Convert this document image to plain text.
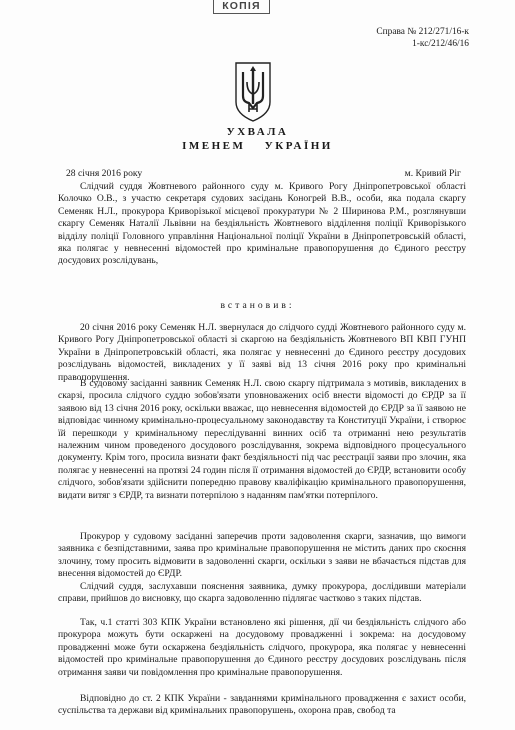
КОПІЯ
Справа № 212/271/16-к
1-кс/212/46/16
УХВАЛА
ІМЕНЕМ УКРАЇНИ
28 січня 2016 року	м. Кривий Ріг
Слідчий суддя Жовтневого районного суду м. Кривого Рогу Дніпропетровської області Колочко О.В., з участю секретаря судових засідань Коногрей В.В., особи, яка подала скаргу Семеняк Н.Л., прокурора Криворізької місцевої прокуратури № 2 Ширинова Р.М., розглянувши скаргу Семеняк Наталії Львівни на бездіяльність Жовтневого відділення поліції Криворізького відділу поліції Головного управління Національної поліції України в Дніпропетровській області, яка полягає у невнесенні відомостей про кримінальне правопорушення до Єдиного реєстру досудових розслідувань,
встановив:
20 січня 2016 року Семеняк Н.Л. звернулася до слідчого судді Жовтневого районного суду м. Кривого Рогу Дніпропетровської області зі скаргою на бездіяльність Жовтневого ВП КВП ГУНП України в Дніпропетровській області, яка полягає у невнесенні до Єдиного реєстру досудових розслідувань відомостей, викладених у її заяві від 13 січня 2016 року про кримінальні правопорушення.
В судовому засіданні заявник Семеняк Н.Л. свою скаргу підтримала з мотивів, викладених в скарзі, просила слідчого суддю зобов'язати уповноважених осіб внести відомості до ЄРДР за її заявою від 13 січня 2016 року, оскільки вважає, що невнесення відомостей до ЄРДР за її заявою не відповідає чинному кримінально-процесуальному законодавству та Конституції України, і створює їй перешкоди у кримінальному переслідуванні винних осіб та отриманні нею результатів належним чином проведеного досудового розслідування, зокрема відповідного процесуального документу. Крім того, просила визнати факт бездіяльності під час реєстрації заяви про злочин, яка полягає у невнесенні на протязі 24 годин після її отримання відомостей до ЄРДР, встановити особу слідчого, зобов'язати здійснити попередню правову кваліфікацію кримінального правопорушення, видати витяг з ЄРДР, та визнати потерпілою з наданням пам'ятки потерпілого.
Прокурор у судовому засіданні заперечив проти задоволення скарги, зазначив, що вимоги заявника є безпідставними, заява про кримінальне правопорушення не містить даних про скоєння злочину, тому просить відмовити в задоволенні скарги, оскільки з заяви не вбачається підстав для внесення відомостей до ЄРДР.
Слідчий суддя, заслухавши пояснення заявника, думку прокурора, дослідивши матеріали справи, прийшов до висновку, що скарга задоволенню підлягає частково з таких підстав.
Так, ч.1 статті 303 КПК України встановлено які рішення, дії чи бездіяльність слідчого або прокурора можуть бути оскаржені на досудовому провадженні і зокрема: на досудовому провадженні може бути оскаржена бездіяльність слідчого, прокурора, яка полягає у невнесенні відомостей про кримінальне правопорушення до Єдиного реєстру досудових розслідувань після отримання заяви чи повідомлення про кримінальне правопорушення.
Відповідно до ст. 2 КПК України - завданнями кримінального провадження є захист особи, суспільства та держави від кримінальних правопорушень, охорона прав, свобод та
